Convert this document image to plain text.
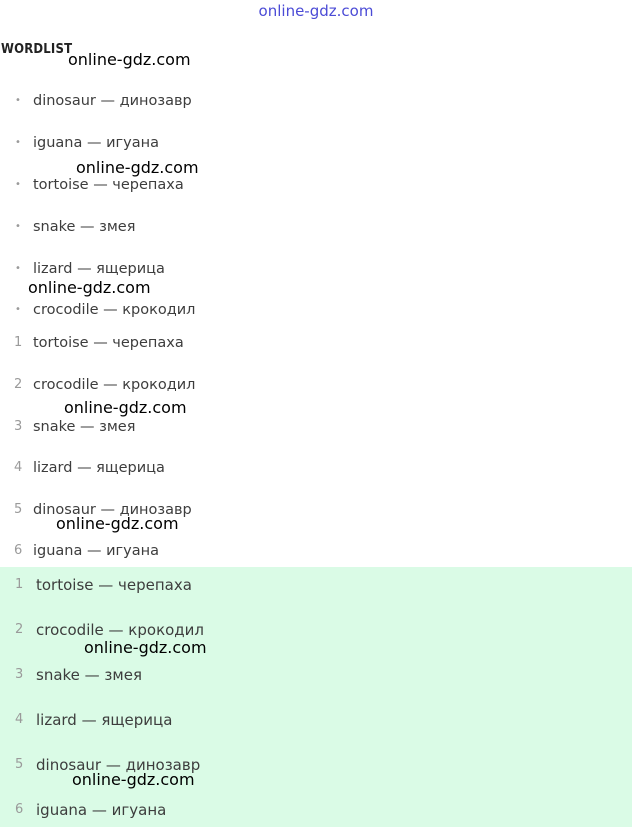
online-gdz.com
WORDLIST
• dinosaur — динозавр
• iguana — игуана
• tortoise — черепаха
• snake — змея
• lizard — ящерица
• crocodile — крокодил
1 tortoise — черепаха
2 crocodile — крокодил
3 snake — змея
4 lizard — ящерица
5 dinosaur — динозавр
6 iguana — игуана
1 tortoise — черепаха
2 crocodile — крокодил
3 snake — змея
4 lizard — ящерица
5 dinosaur — динозавр
6 iguana — игуана
online-gdz.com
online-gdz.com
online-gdz.com
online-gdz.com
online-gdz.com
online-gdz.com
online-gdz.com
